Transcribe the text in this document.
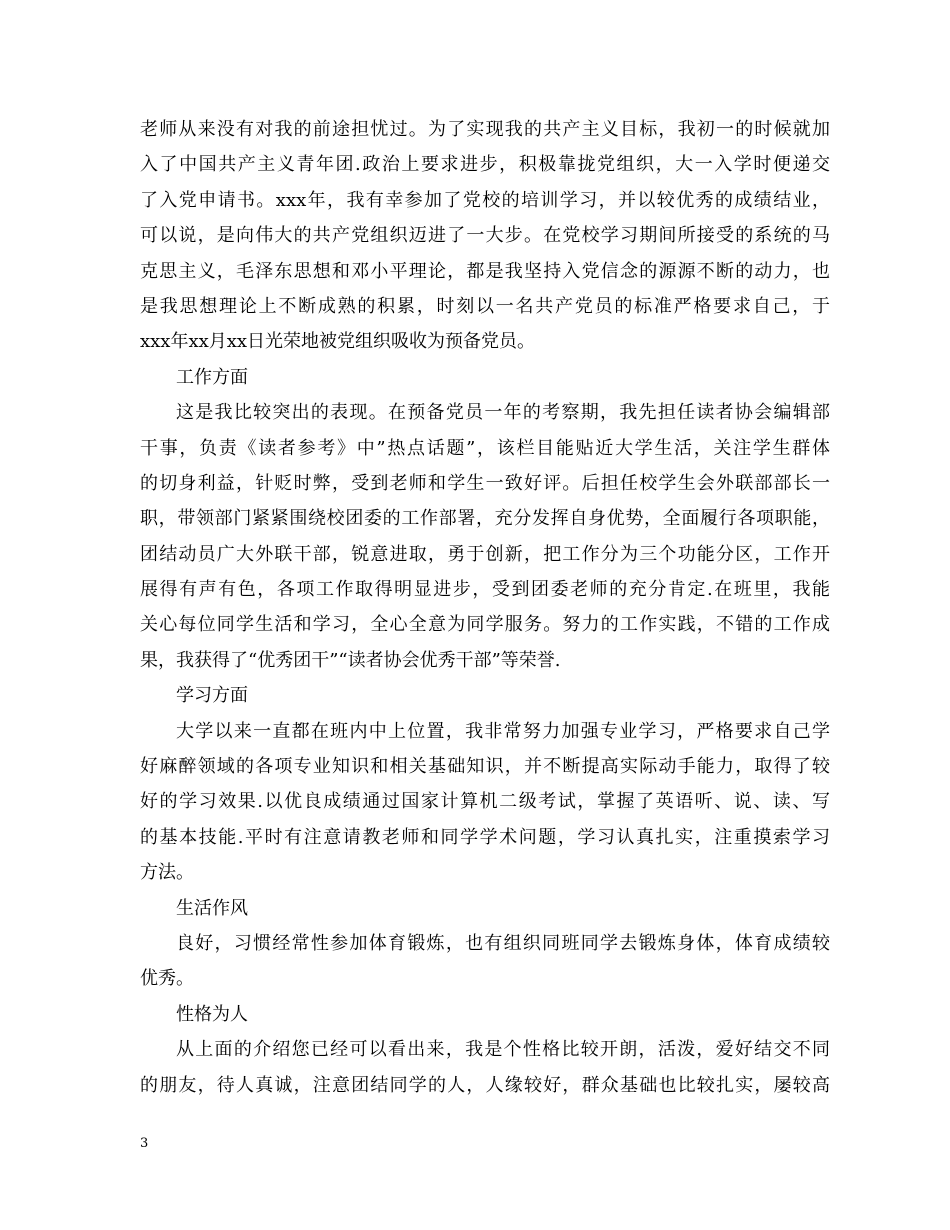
老师从来没有对我的前途担忧过。为了实现我的共产主义目标，我初一的时候就加
入了中国共产主义青年团.政治上要求进步，积极靠拢党组织，大一入学时便递交
了入党申请书。xxx年，我有幸参加了党校的培训学习，并以较优秀的成绩结业，
可以说，是向伟大的共产党组织迈进了一大步。在党校学习期间所接受的系统的马
克思主义，毛泽东思想和邓小平理论，都是我坚持入党信念的源源不断的动力，也
是我思想理论上不断成熟的积累，时刻以一名共产党员的标准严格要求自己，于
xxx年xx月xx日光荣地被党组织吸收为预备党员。
工作方面
这是我比较突出的表现。在预备党员一年的考察期，我先担任读者协会编辑部
干事，负责《读者参考》中”热点话题”，该栏目能贴近大学生活，关注学生群体
的切身利益，针贬时弊，受到老师和学生一致好评。后担任校学生会外联部部长一
职，带领部门紧紧围绕校团委的工作部署，充分发挥自身优势，全面履行各项职能，
团结动员广大外联干部，锐意进取，勇于创新，把工作分为三个功能分区，工作开
展得有声有色，各项工作取得明显进步，受到团委老师的充分肯定.在班里，我能
关心每位同学生活和学习，全心全意为同学服务。努力的工作实践，不错的工作成
果，我获得了“优秀团干”“读者协会优秀干部”等荣誉.
学习方面
大学以来一直都在班内中上位置，我非常努力加强专业学习，严格要求自己学
好麻醉领域的各项专业知识和相关基础知识，并不断提高实际动手能力，取得了较
好的学习效果.以优良成绩通过国家计算机二级考试，掌握了英语听、说、读、写
的基本技能.平时有注意请教老师和同学学术问题，学习认真扎实，注重摸索学习
方法。
生活作风
良好，习惯经常性参加体育锻炼，也有组织同班同学去锻炼身体，体育成绩较
优秀。
性格为人
从上面的介绍您已经可以看出来，我是个性格比较开朗，活泼，爱好结交不同
的朋友，待人真诚，注意团结同学的人，人缘较好，群众基础也比较扎实，屡较高
3
